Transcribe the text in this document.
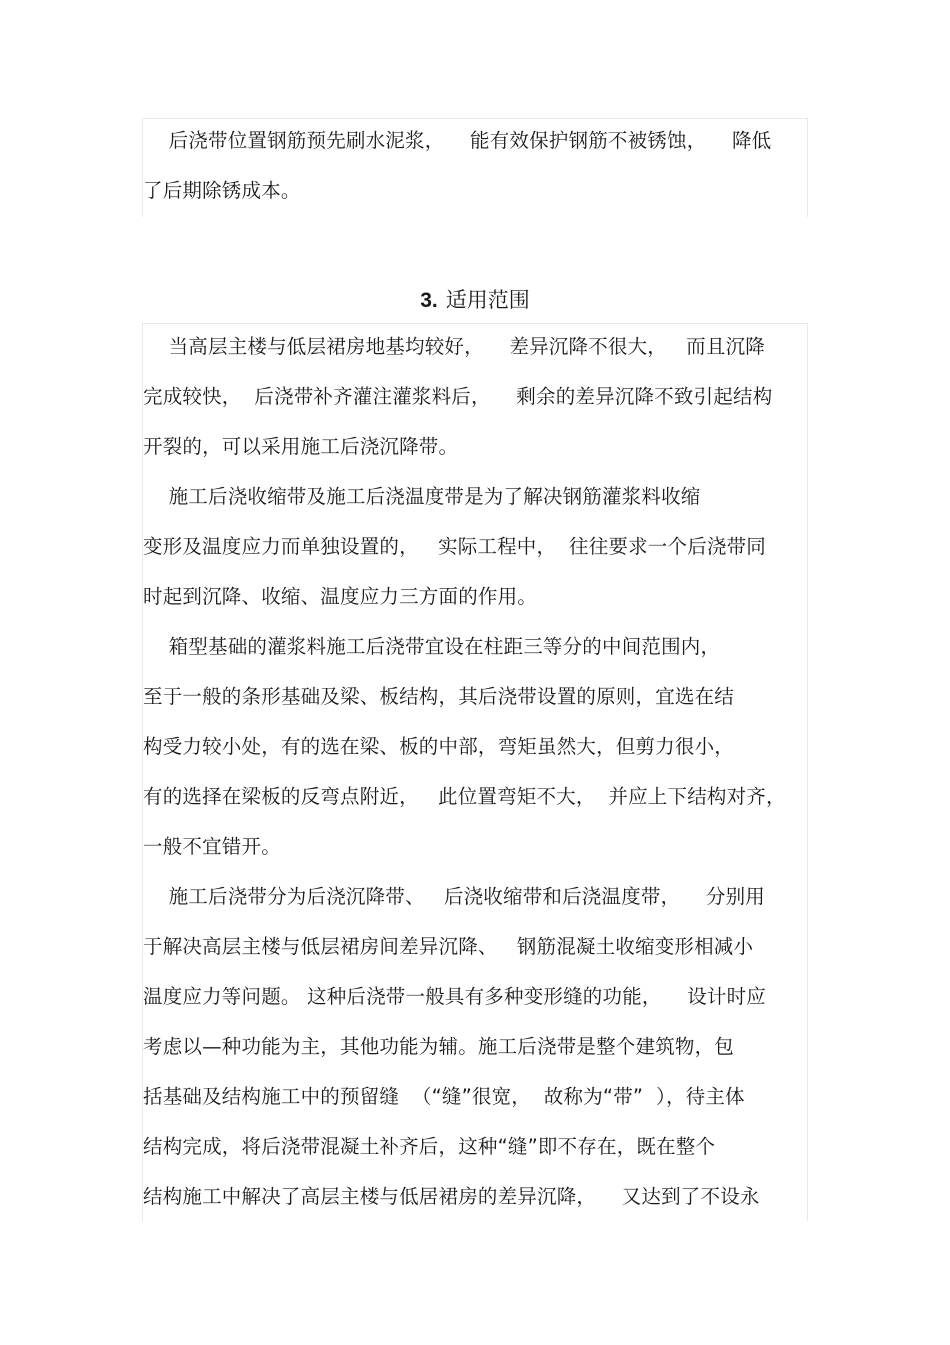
后浇带位置钢筋预先刷水泥浆，    能有效保护钢筋不被锈蚀，    降低
了后期除锈成本。
3. 适用范围
当高层主楼与低层裙房地基均较好，    差异沉降不很大，   而且沉降
完成较快，  后浇带补齐灌注灌浆料后，    剩余的差异沉降不致引起结构
开裂的，可以采用施工后浇沉降带。
施工后浇收缩带及施工后浇温度带是为了解决钢筋灌浆料收缩
变形及温度应力而单独设置的，   实际工程中，  往往要求一个后浇带同
时起到沉降、收缩、温度应力三方面的作用。
箱型基础的灌浆料施工后浇带宜设在柱距三等分的中间范围内，
至于一般的条形基础及梁、板结构，其后浇带设置的原则，宜选在结
构受力较小处，有的选在梁、板的中部，弯矩虽然大，但剪力很小，
有的选择在梁板的反弯点附近，   此位置弯矩不大，  并应上下结构对齐，
一般不宜错开。
施工后浇带分为后浇沉降带、   后浇收缩带和后浇温度带，    分别用
于解决高层主楼与低层裙房间差异沉降、   钢筋混凝土收缩变形相减小
温度应力等问题。 这种后浇带一般具有多种变形缝的功能，    设计时应
考虑以—种功能为主，其他功能为辅。施工后浇带是整个建筑物，包
括基础及结构施工中的预留缝  （“缝”很宽，  故称为“带”  ），待主体
结构完成，将后浇带混凝土补齐后，这种“缝”即不存在，既在整个
结构施工中解决了高层主楼与低居裙房的差异沉降，    又达到了不设永
